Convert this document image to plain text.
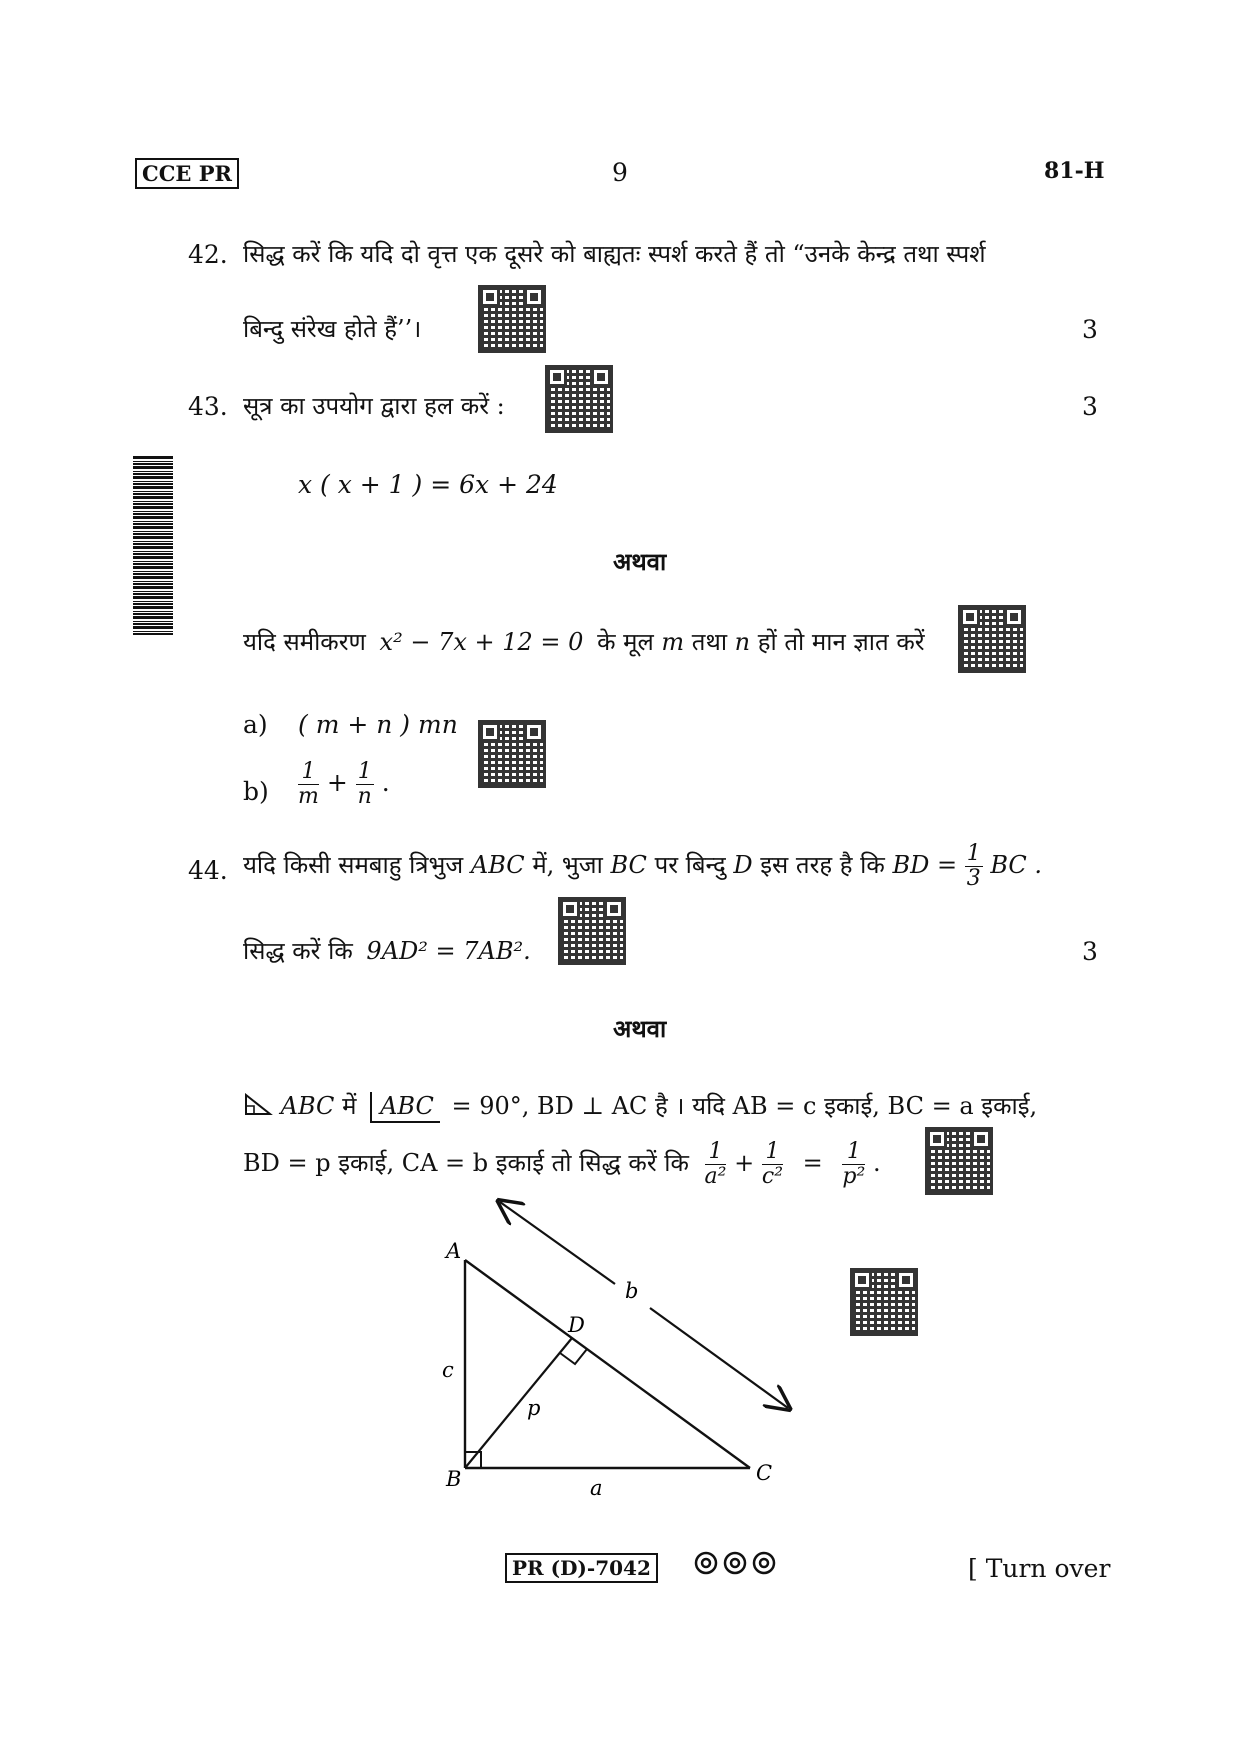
CCE PR	9	81-H
42. सिद्ध करें कि यदि दो वृत्त एक दूसरे को बाह्यतः स्पर्श करते हैं तो “उनके केन्द्र तथा स्पर्श
बिन्दु संरेख होते हैं’’।	3
43. सूत्र का उपयोग द्वारा हल करें :	3
x ( x + 1 ) = 6x + 24
अथवा
यदि समीकरण x² − 7x + 12 = 0 के मूल m तथा n हों तो मान ज्ञात करें
a) ( m + n ) mn
$b) \frac{1}{m} + \frac{1}{n}$ .
44. यदि किसी समबाहु त्रिभुज ABC में, भुजा BC पर बिन्दु D इस तरह है कि BD = $\frac{1}{3}$ BC .
सिद्ध करें कि 9AD² = 7AB².	3
अथवा
ABC में ABC = 90°, BD ⊥ AC है । यदि AB = c इकाई, BC = a इकाई,
BD = p इकाई, CA = b इकाई तो सिद्ध करें कि $\frac{1}{\text{a²}} + \frac{1}{\text{c²}} = \frac{1}{\text{p²}}$ .
A
B	C
D
a
b
c
p
PR (D)-7042	[ Turn over
